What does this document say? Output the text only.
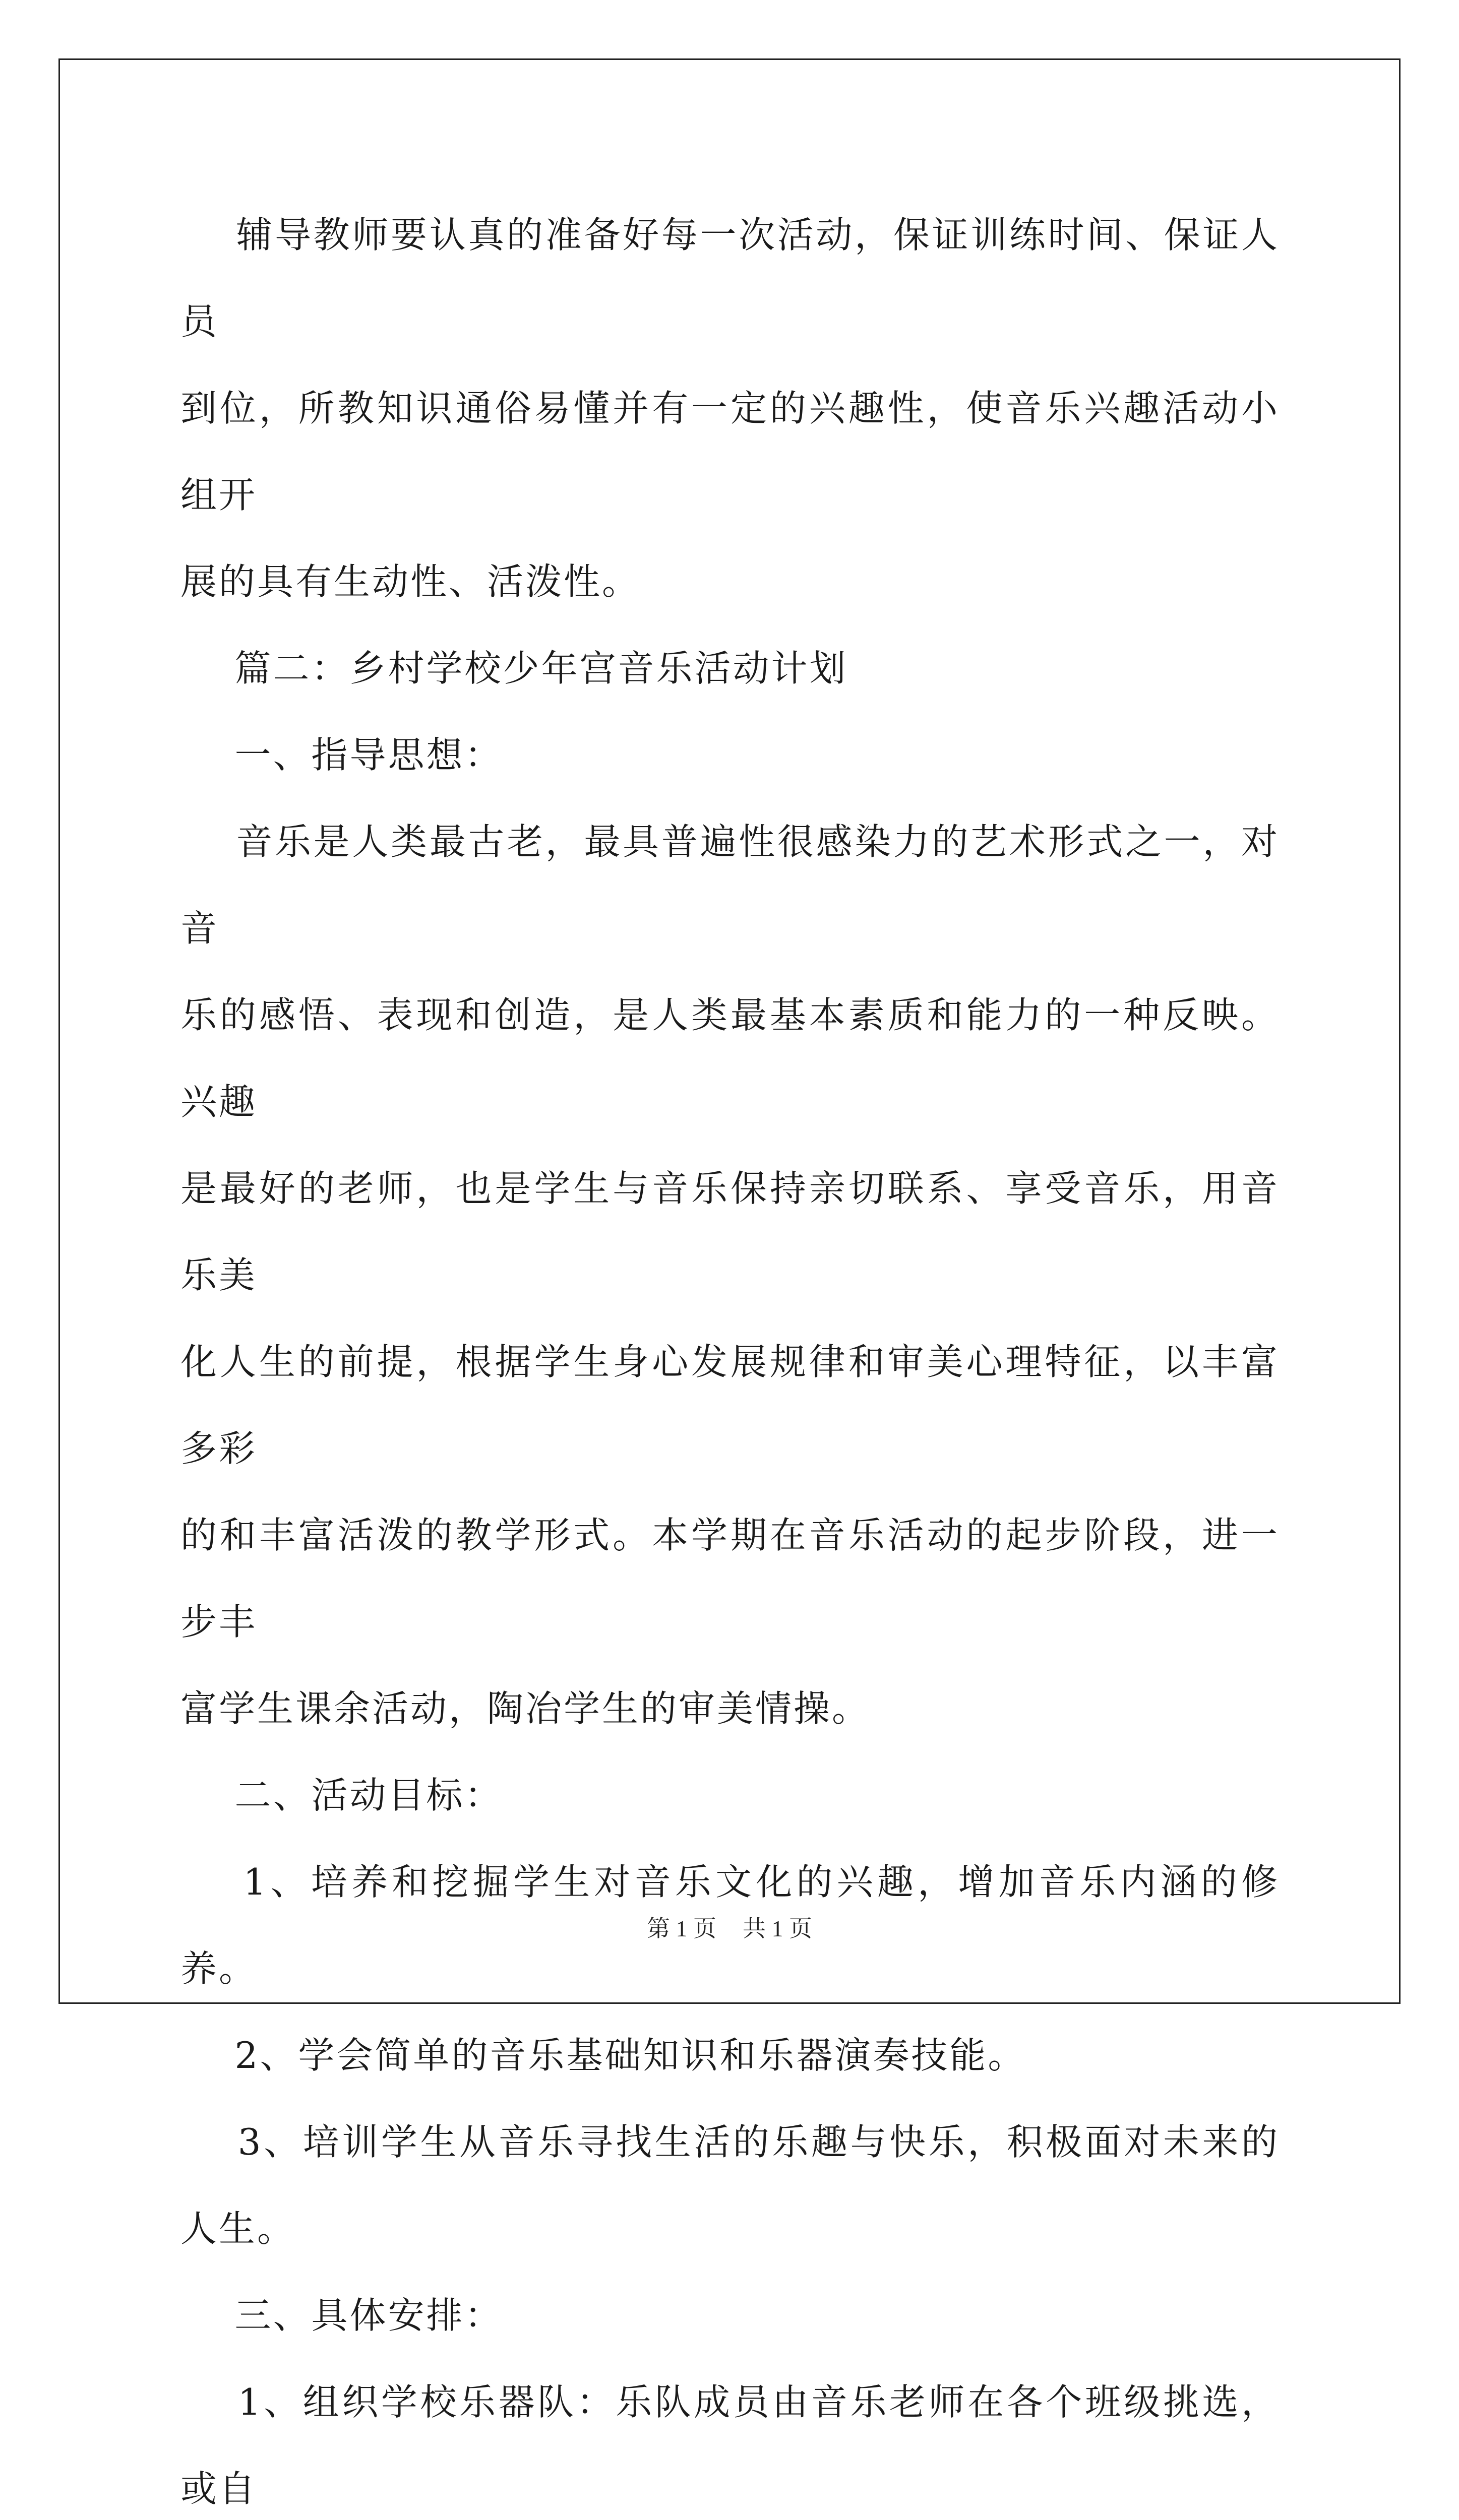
辅导教师要认真的准备好每一次活动，保证训练时间、保证人员

到位，所教知识通俗易懂并有一定的兴趣性，使音乐兴趣活动小组开

展的具有生动性、活泼性。

篇二：乡村学校少年宫音乐活动计划

一、指导思想：

音乐是人类最古老，最具普遍性很感染力的艺术形式之一，对音

乐的感悟、表现和创造，是人类最基本素质和能力的一种反映。兴趣

是最好的老师，也是学生与音乐保持亲切联系、享受音乐，用音乐美

化人生的前提，根据学生身心发展规律和审美心理特征，以丰富多彩

的和丰富活泼的教学形式。本学期在音乐活动的起步阶段，进一步丰

富学生课余活动，陶冶学生的审美情操。

二、活动目标：

1、培养和挖掘学生对音乐文化的兴趣，增加音乐内涵的修养。

2、学会简单的音乐基础知识和乐器演奏技能。

3、培训学生从音乐寻找生活的乐趣与快乐，积极面对未来的人生。

三、具体安排：

1、组织学校乐器队：乐队成员由音乐老师在各个班级挑选，或自

第 1 页 共 1 页
